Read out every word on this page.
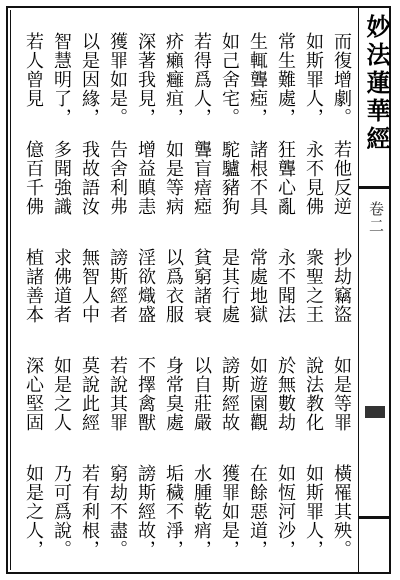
而復增劇。
若他反逆
抄劫竊盜
如是等罪
橫罹其殃。
如斯罪人，
永不見佛
衆聖之王
說法教化
如斯罪人，
常生難處，
狂聾心亂
永不聞法
於無數劫
如恆河沙，
生輒聾瘂，
諸根不具
常處地獄
如遊園觀
在餘惡道，
如己舍宅。
駝驢豬狗
是其行處
謗斯經故
獲罪如是，
若得爲人，
聾盲瘖瘂
貧窮諸衰
以自莊嚴
水腫乾痟，
疥癩癰疽，
如是等病
以爲衣服
身常臭處
垢穢不淨，
深著我見，
增益瞋恚
淫欲熾盛
不擇禽獸
謗斯經故，
獲罪如是。
告舍利弗
謗斯經者
若說其罪
窮劫不盡。
以是因緣，
我故語汝
無智人中
莫說此經
若有利根，
智慧明了，
多聞強識
求佛道者
如是之人
乃可爲說。
若人曾見
億百千佛
植諸善本
深心堅固
如是之人，
妙法蓮華經
卷二
